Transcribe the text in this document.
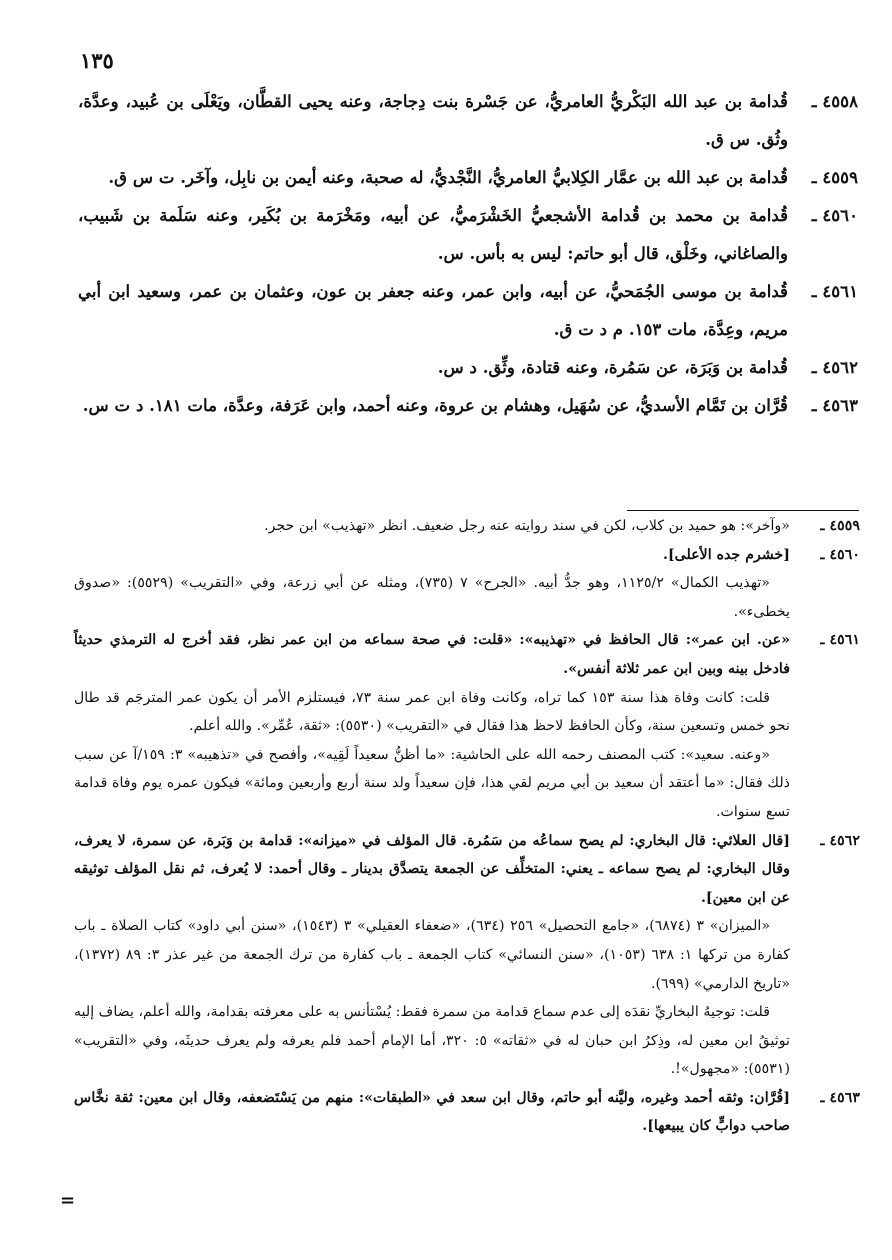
١٣٥
٤٥٥٨ ـ
قُدامة بن عبد الله البَكْريُّ العامريُّ، عن جَسْرة بنت دِجاجة، وعنه يحيى القطَّان، ويَعْلَى بن عُبيد، وعدَّة، وثُق. س ق.
٤٥٥٩ ـ
قُدامة بن عبد الله بن عمَّار الكِلابيُّ العامريُّ، النَّجْديُّ، له صحبة، وعنه أيمن بن نابِل، وآخَر. ت س ق.
٤٥٦٠ ـ
قُدامة بن محمد بن قُدامة الأشجعيُّ الخَشْرَميُّ، عن أبيه، ومَخْرَمة بن بُكَير، وعنه سَلَمة بن شَبيب، والصاغاني، وخَلْق، قال أبو حاتم: ليس به بأس. س.
٤٥٦١ ـ
قُدامة بن موسى الجُمَحيُّ، عن أبيه، وابن عمر، وعنه جعفر بن عون، وعثمان بن عمر، وسعيد ابن أبي مريم، وعِدَّة، مات ١٥٣. م د ت ق.
٤٥٦٢ ـ
قُدامة بن وَبَرَة، عن سَمُرة، وعنه قتادة، وثِّق. د س.
٤٥٦٣ ـ
قُرَّان بن تَمَّام الأسديُّ، عن سُهَيل، وهشام بن عروة، وعنه أحمد، وابن عَرَفة، وعدَّة، مات ١٨١. د ت س.
٤٥٥٩ ـ
«وآخر»: هو حميد بن كلاب، لكن في سند روايته عنه رجل ضعيف. انظر «تهذيب» ابن حجر.
٤٥٦٠ ـ
[خشرم جده الأعلى].
«تهذيب الكمال» ١١٢٥/٢، وهو جدُّ أبيه. «الجرح» ٧ (٧٣٥)، ومثله عن أبي زرعة، وفي «التقريب» (٥٥٢٩): «صدوق يخطىء».
٤٥٦١ ـ
«عن. ابن عمر»: قال الحافظ في «تهذيبه»: «قلت: في صحة سماعه من ابن عمر نظر، فقد أخرج له الترمذي حديثاً فادخل بينه وبين ابن عمر ثلاثة أنفس».
قلت: كانت وفاة هذا سنة ١٥٣ كما تراه، وكانت وفاة ابن عمر سنة ٧٣، فيستلزم الأمر أن يكون عمر المترجَم قد طال نحو خمس وتسعين سنة، وكأن الحافظ لاحظ هذا فقال في «التقريب» (٥٥٣٠): «ثقة، عُمِّر». والله أعلم.
«وعنه. سعيد»: كتب المصنف رحمه الله على الحاشية: «ما أظنُّ سعيداً لَقِيه»، وأفصح في «تذهيبه» ٣: ١٥٩/آ عن سبب ذلك فقال: «ما أعتقد أن سعيد بن أبي مريم لقي هذا، فإن سعيداً ولد سنة أربع وأربعين ومائة» فيكون عمره يوم وفاة قدامة تسع سنوات.
٤٥٦٢ ـ
[قال العلائي: قال البخاري: لم يصح سماعُه من سَمُرة. قال المؤلف في «ميزانه»: قدامة بن وَبَرة، عن سمرة، لا يعرف، وقال البخاري: لم يصح سماعه ـ يعني: المتخلِّف عن الجمعة يتصدَّق بدينار ـ وقال أحمد: لا يُعرف، ثم نقل المؤلف توثيقه عن ابن معين].
«الميزان» ٣ (٦٨٧٤)، «جامع التحصيل» ٢٥٦ (٦٣٤)، «ضعفاء العقيلي» ٣ (١٥٤٣)، «سنن أبي داود» كتاب الصلاة ـ باب كفارة من تركها ١: ٦٣٨ (١٠٥٣)، «سنن النسائي» كتاب الجمعة ـ باب كفارة من ترك الجمعة من غير عذر ٣: ٨٩ (١٣٧٢)، «تاريخ الدارمي» (٦٩٩).
قلت: توجيهُ البخاريِّ نقدَه إلى عدم سماع قدامة من سمرة فقط: يُسْتأنس به على معرفته بقدامة، والله أعلم، يضاف إليه توثيقُ ابن معين له، وذِكرُ ابن حبان له في «ثقاته» ٥: ٣٢٠، أما الإمام أحمد فلم يعرفه ولم يعرف حديثَه، وفي «التقريب» (٥٥٣١): «مجهول»!.
٤٥٦٣ ـ
[قُرَّان: وثقه أحمد وغيره، وليَّنه أبو حاتم، وقال ابن سعد في «الطبقات»: منهم من يَسْتَضعفه، وقال ابن معين: ثقة نخَّاس صاحب دوابٍّ كان يبيعها].
=
